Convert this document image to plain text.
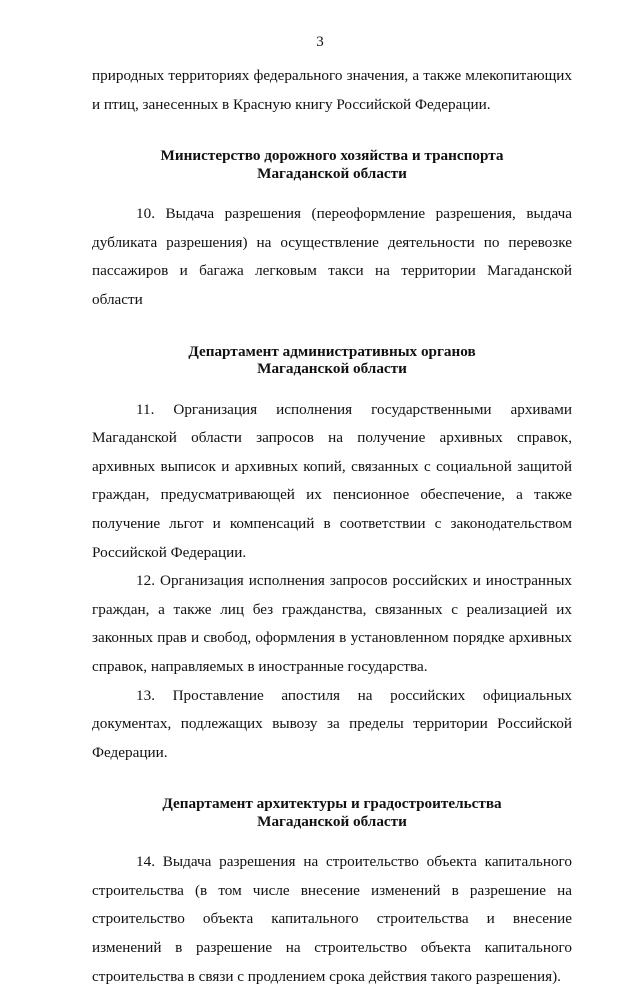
3

природных территориях федерального значения, а также млекопитающих

и птиц, занесенных в Красную книгу Российской Федерации.

Министерство дорожного хозяйства и транспорта

Магаданской области

10. Выдача разрешения (переоформление разрешения, выдача дубликата разрешения) на осуществление деятельности по перевозке пассажиров и багажа легковым такси на территории Магаданской области

Департамент административных органов

Магаданской области

11. Организация исполнения государственными архивами Магаданской области запросов на получение архивных справок, архивных выписок и архивных копий, связанных с социальной защитой граждан, предусматривающей их пенсионное обеспечение, а также получение льгот и компенсаций в соответствии с законодательством Российской Федерации.

12. Организация исполнения запросов российских и иностранных граждан, а также лиц без гражданства, связанных с реализацией их законных прав и свобод, оформления в установленном порядке архивных справок, направляемых в иностранные государства.

13. Проставление апостиля на российских официальных документах, подлежащих вывозу за пределы территории Российской Федерации.

Департамент архитектуры и градостроительства

Магаданской области

14. Выдача разрешения на строительство объекта капитального строительства (в том числе внесение изменений в разрешение на строительство объекта капитального строительства и внесение изменений в разрешение на строительство объекта капитального строительства в связи с продлением срока действия такого разрешения).
